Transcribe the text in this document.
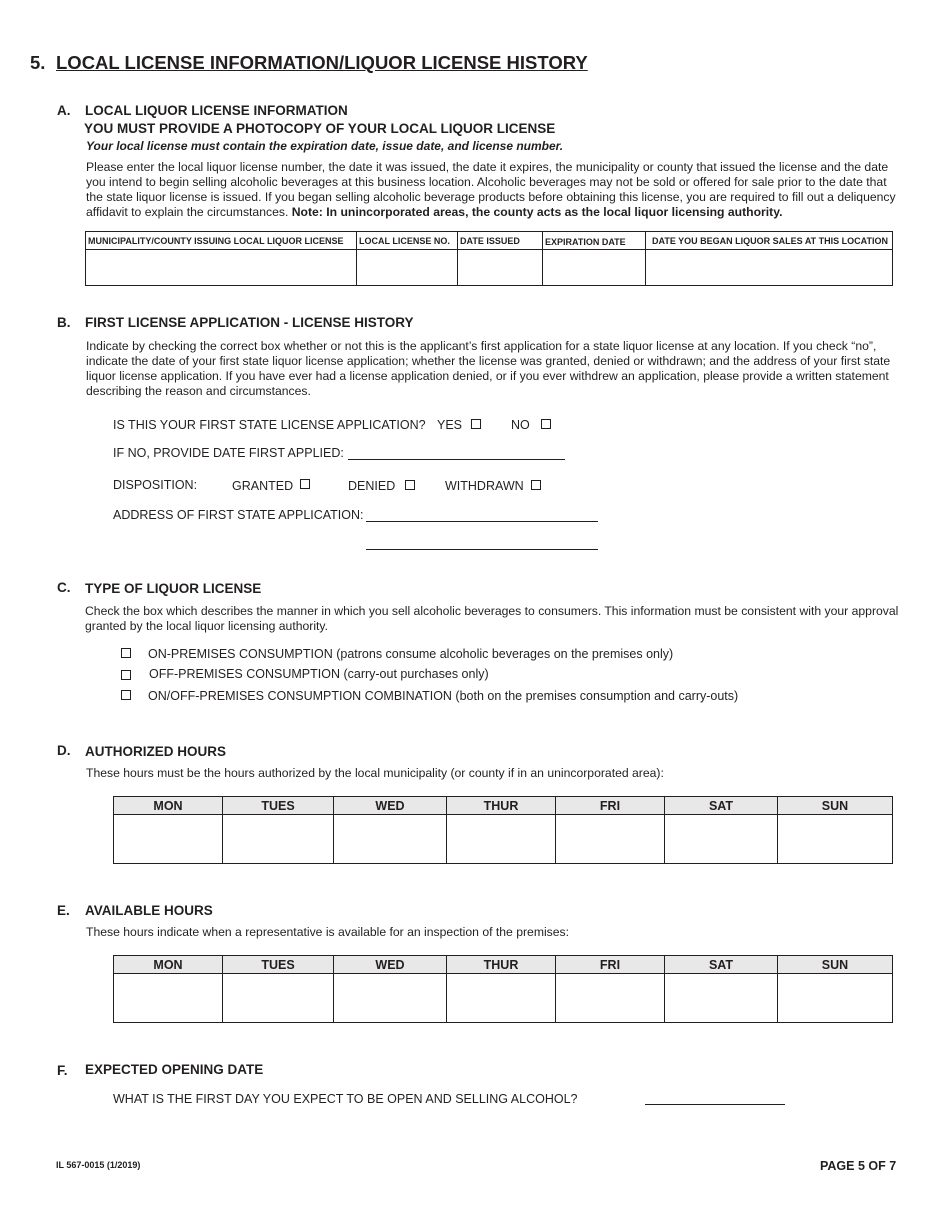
5. LOCAL LICENSE INFORMATION/LIQUOR LICENSE HISTORY
A. LOCAL LIQUOR LICENSE INFORMATION
YOU MUST PROVIDE A PHOTOCOPY OF YOUR LOCAL LIQUOR LICENSE
Your local license must contain the expiration date, issue date, and license number.
Please enter the local liquor license number, the date it was issued, the date it expires, the municipality or county that issued the license and the date
you intend to begin selling alcoholic beverages at this business location. Alcoholic beverages may not be sold or offered for sale prior to the date that
the state liquor license is issued. If you began selling alcoholic beverage products before obtaining this license, you are required to fill out a deliquency
affidavit to explain the circumstances. Note: In unincorporated areas, the county acts as the local liquor licensing authority.
MUNICIPALITY/COUNTY ISSUING LOCAL LIQUOR LICENSE	LOCAL LICENSE NO.	DATE ISSUED	EXPIRATION DATE	DATE YOU BEGAN LIQUOR SALES AT THIS LOCATION

B. FIRST LICENSE APPLICATION - LICENSE HISTORY
Indicate by checking the correct box whether or not this is the applicant’s first application for a state liquor license at any location. If you check “no”,
indicate the date of your first state liquor license application; whether the license was granted, denied or withdrawn; and the address of your first state
liquor license application. If you have ever had a license application denied, or if you ever withdrew an application, please provide a written statement
describing the reason and circumstances.
IS THIS YOUR FIRST STATE LICENSE APPLICATION? YES	NO
IF NO, PROVIDE DATE FIRST APPLIED:
DISPOSITION:	GRANTED	DENIED	WITHDRAWN
ADDRESS OF FIRST STATE APPLICATION:
C. TYPE OF LIQUOR LICENSE
Check the box which describes the manner in which you sell alcoholic beverages to consumers. This information must be consistent with your approval
granted by the local liquor licensing authority.
ON-PREMISES CONSUMPTION (patrons consume alcoholic beverages on the premises only)
OFF-PREMISES CONSUMPTION (carry-out purchases only)
ON/OFF-PREMISES CONSUMPTION COMBINATION (both on the premises consumption and carry-outs)
D. AUTHORIZED HOURS
These hours must be the hours authorized by the local municipality (or county if in an unincorporated area):
MON	TUES	WED	THUR	FRI	SAT	SUN

E. AVAILABLE HOURS
These hours indicate when a representative is available for an inspection of the premises:
MON	TUES	WED	THUR	FRI	SAT	SUN

F. EXPECTED OPENING DATE
WHAT IS THE FIRST DAY YOU EXPECT TO BE OPEN AND SELLING ALCOHOL?
IL 567-0015 (1/2019)	PAGE 5 OF 7
